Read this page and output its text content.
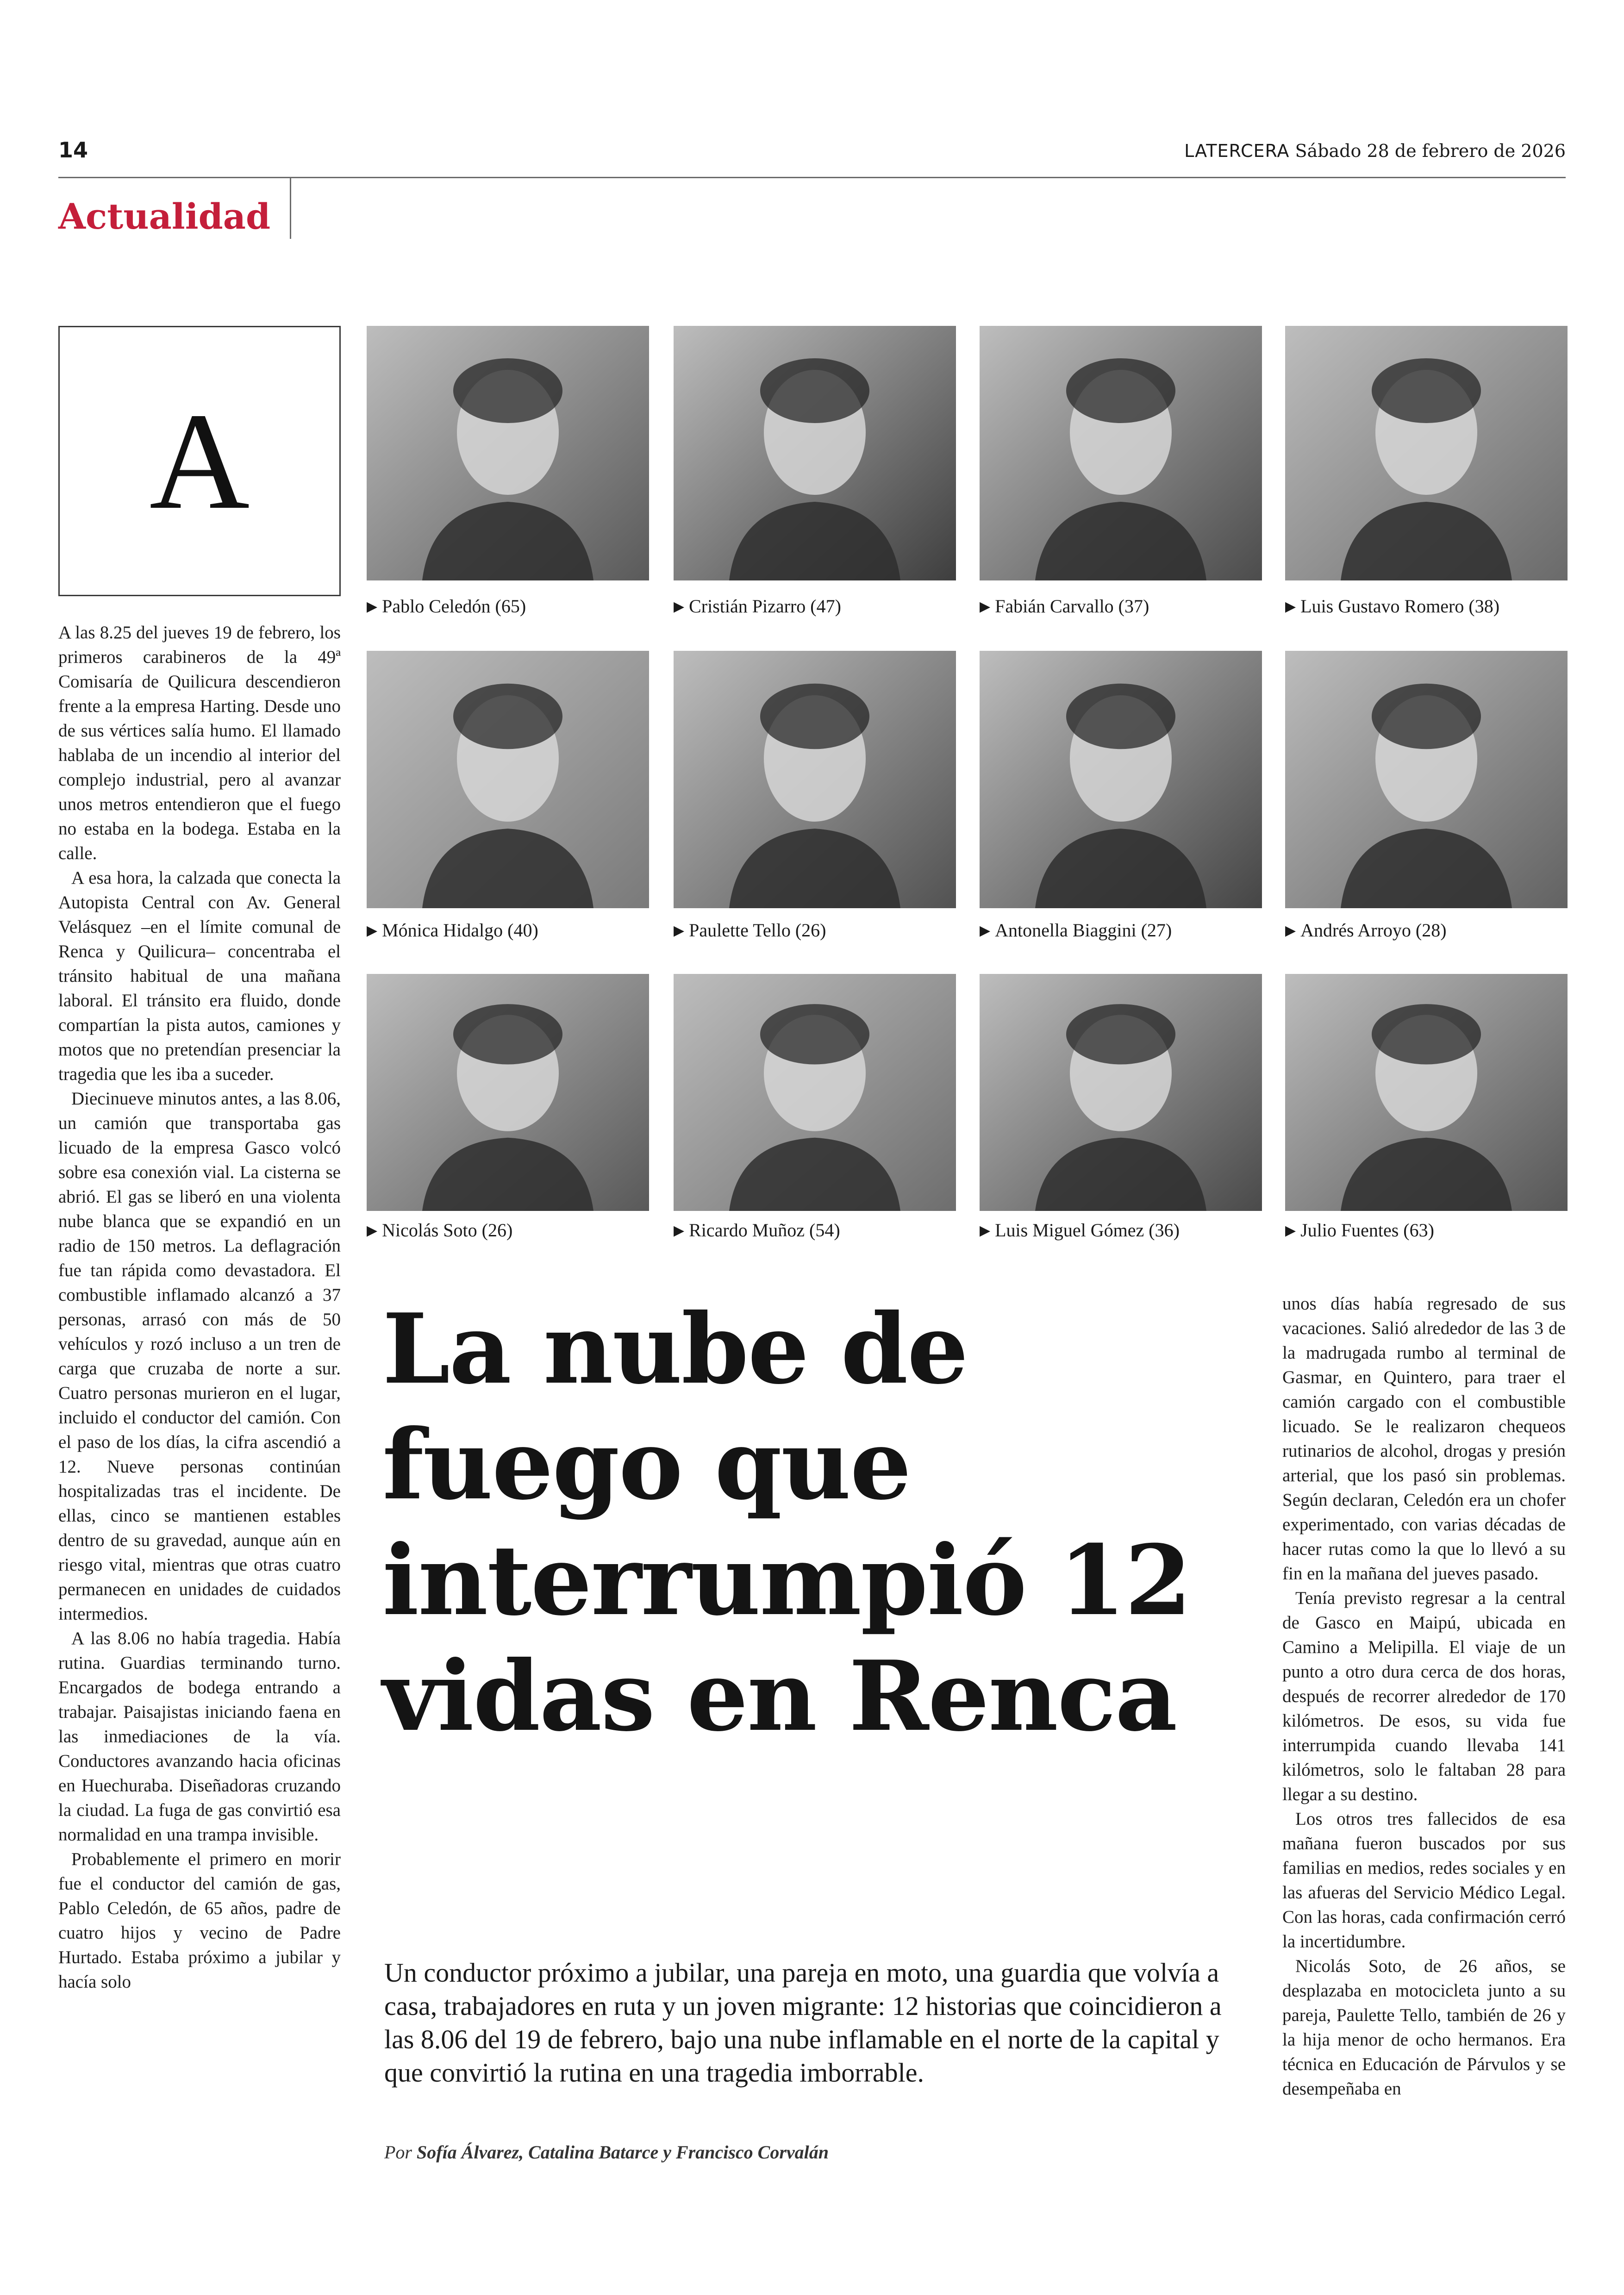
14	LATERCERA Sábado 28 de febrero de 2026
Actualidad
A

A las 8.25 del jueves 19 de febrero, los primeros carabineros de la 49ª Comisaría de Quilicura descendieron frente a la empresa Harting. Desde uno de sus vértices salía humo. El llamado hablaba de un incendio al interior del complejo industrial, pero al avanzar unos metros entendieron que el fuego no estaba en la bodega. Estaba en la calle.

A esa hora, la calzada que conecta la Autopista Central con Av. General Velásquez –en el límite comunal de Renca y Quilicura– concentraba el tránsito habitual de una mañana laboral. El tránsito era fluido, donde compartían la pista autos, camiones y motos que no pretendían presenciar la tragedia que les iba a suceder.

Diecinueve minutos antes, a las 8.06, un camión que transportaba gas licuado de la empresa Gasco volcó sobre esa conexión vial. La cisterna se abrió. El gas se liberó en una violenta nube blanca que se expandió en un radio de 150 metros. La deflagración fue tan rápida como devastadora. El combustible inflamado alcanzó a 37 personas, arrasó con más de 50 vehículos y rozó incluso a un tren de carga que cruzaba de norte a sur. Cuatro personas murieron en el lugar, incluido el conductor del camión. Con el paso de los días, la cifra ascendió a 12. Nueve personas continúan hospitalizadas tras el incidente. De ellas, cinco se mantienen estables dentro de su gravedad, aunque aún en riesgo vital, mientras que otras cuatro permanecen en unidades de cuidados intermedios.

A las 8.06 no había tragedia. Había rutina. Guardias terminando turno. Encargados de bodega entrando a trabajar. Paisajistas iniciando faena en las inmediaciones de la vía. Conductores avanzando hacia oficinas en Huechuraba. Diseñadoras cruzando la ciudad. La fuga de gas convirtió esa normalidad en una trampa invisible.

Probablemente el primero en morir fue el conductor del camión de gas, Pablo Celedón, de 65 años, padre de cuatro hijos y vecino de Padre Hurtado. Estaba próximo a jubilar y hacía solo

▶ Pablo Celedón (65)	▶ Cristián Pizarro (47)	▶ Fabián Carvallo (37)	▶ Luis Gustavo Romero (38)
▶ Mónica Hidalgo (40)	▶ Paulette Tello (26)	▶ Antonella Biaggini (27)	▶ Andrés Arroyo (28)
▶ Nicolás Soto (26)	▶ Ricardo Muñoz (54)	▶ Luis Miguel Gómez (36)	▶ Julio Fuentes (63)
La nube de
fuego que
interrumpió 12
vidas en Renca
Un conductor próximo a jubilar, una pareja en moto, una guardia que volvía a casa, trabajadores en ruta y un joven migrante: 12 historias que coincidieron a las 8.06 del 19 de febrero, bajo una nube inflamable en el norte de la capital y que convirtió la rutina en una tragedia imborrable.
Por Sofía Álvarez, Catalina Batarce y Francisco Corvalán

unos días había regresado de sus vacaciones. Salió alrededor de las 3 de la madrugada rumbo al terminal de Gasmar, en Quintero, para traer el camión cargado con el combustible licuado. Se le realizaron chequeos rutinarios de alcohol, drogas y presión arterial, que los pasó sin problemas. Según declaran, Celedón era un chofer experimentado, con varias décadas de hacer rutas como la que lo llevó a su fin en la mañana del jueves pasado.

Tenía previsto regresar a la central de Gasco en Maipú, ubicada en Camino a Melipilla. El viaje de un punto a otro dura cerca de dos horas, después de recorrer alrededor de 170 kilómetros. De esos, su vida fue interrumpida cuando llevaba 141 kilómetros, solo le faltaban 28 para llegar a su destino.

Los otros tres fallecidos de esa mañana fueron buscados por sus familias en medios, redes sociales y en las afueras del Servicio Médico Legal. Con las horas, cada confirmación cerró la incertidumbre.

Nicolás Soto, de 26 años, se desplazaba en motocicleta junto a su pareja, Paulette Tello, también de 26 y la hija menor de ocho hermanos. Era técnica en Educación de Párvulos y se desempeñaba en
